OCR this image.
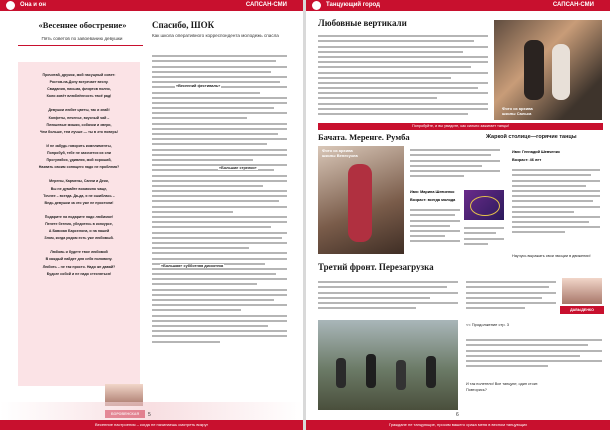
Она и он	САПСАН-СМИ
«Весеннее обострение»
Пять советов по завоеванию девушки
Прочитай, дружок, мой насущный совет:
Ростов-на-Дону встречает весну.
Свидания, письма, флиртов полно,
Коли зовёт влюблённость твоё рад!

Девушки любят цветы, так и знай!
Конфеты, печенье, вкусный чай –
Плюшевые мишки, собачки и звери,
Чем больше, тем лучше — ты в это поверь!

И не забудь говорить комплименты,
Попробуй, тебе не захочется их спи
Прогуляйся, удивляя, мой хороший,
Назвать своим сопящего надо не проблема?

Мерены, Кармены, Санни и Деки,
Вы не думайте возможно чаще,
Точнее – всегда. Да-да, я не ошиблась –
Ведь девушки за это уже не простили!

Подарите на подарите надо любимое!
Пенете бегемо, убедитесь в конкурсе,
А Бавская Барселона, и на нашей
Злом, когда рядом есть уже любимый.

Любовь и будете твое любимой
В каждый найдет для себя половину.
Любить – не так просто. Надо же давай?
Будьте собой и не надо стесняться!
Спасибо, ШОК
Как школа оперативного корреспондента молодежь спасла
«Весенний фестиваль»
«Большие стрелки»
«Большая» субботняя дискотека
5
Весенние настроения – когда не начинаешь смотреть вокруг
Танцующий город	САПСАН-СМИ
Любовные вертикали
Фото из архива
школы Сальса
Попробуйте, и вы увидите, как сильно зажигает танцы!
Бачата. Меренге. Румба
Фото из архива
школы Венесуэла
Жаркой столице—горячие танцы
Имя: Марина Шевченко
Возраст: всегда молода
Имя: Геннадий Шевченко
Возраст: 46 лет
Научусь выражать свои эмоции в движении!
Третий фронт. Перезагрузка
ДАВЫДЕНКО
<< Продолжение стр. 3
И так полетели! Все танцуют, один стоит. Повторись?
6
Граждане не танцующие, просим вашего срака меня в весном танцующих
